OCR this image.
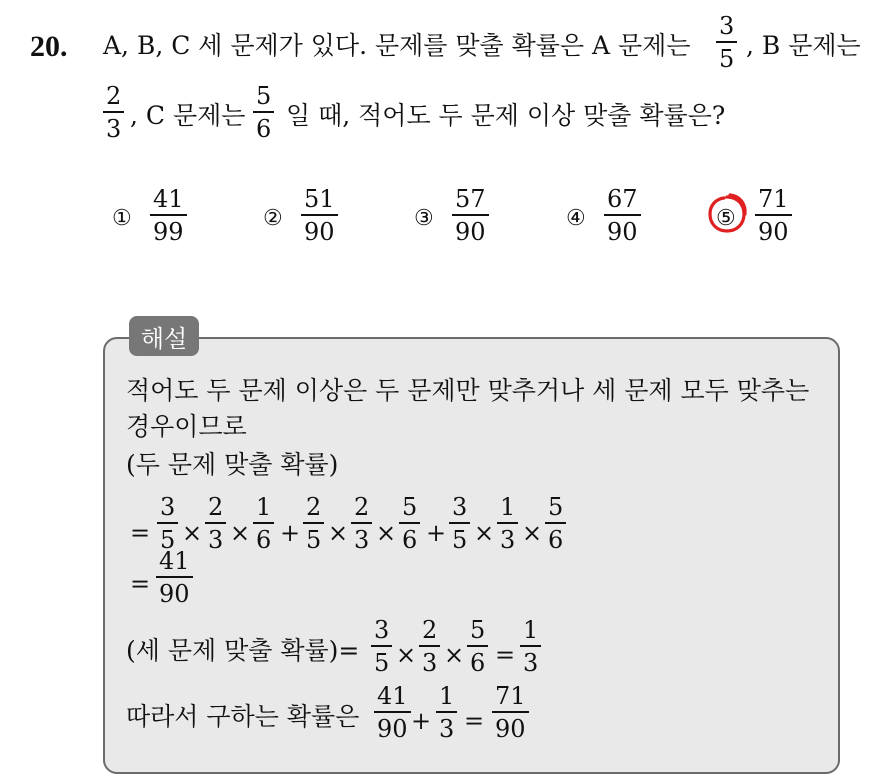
20. A, B, C 세 문제가 있다. 문제를 맞출 확률은 A 문제는
3
5 , B 문제는
2
3 , C 문제는
5
6 일 때, 적어도 두 문제 이상 맞출 확률은?
①
41
99	②
51
90	③
57
90	④
67
90	⑤
71
90
해설
적어도 두 문제 이상은 두 문제만 맞추거나 세 문제 모두 맞추는
경우이므로
(두 문제 맞출 확률)
=
3
5 ×
2
3 ×
1
6 +
2
5 ×
2
3 ×
5
6 +
3
5 ×
1
3 ×
5
6
=
41
90
(세 문제 맞출 확률)=
3
5 ×
2
3 ×
5
6 =
1
3
따라서 구하는 확률은
41
90 +
1
3 =
71
90
